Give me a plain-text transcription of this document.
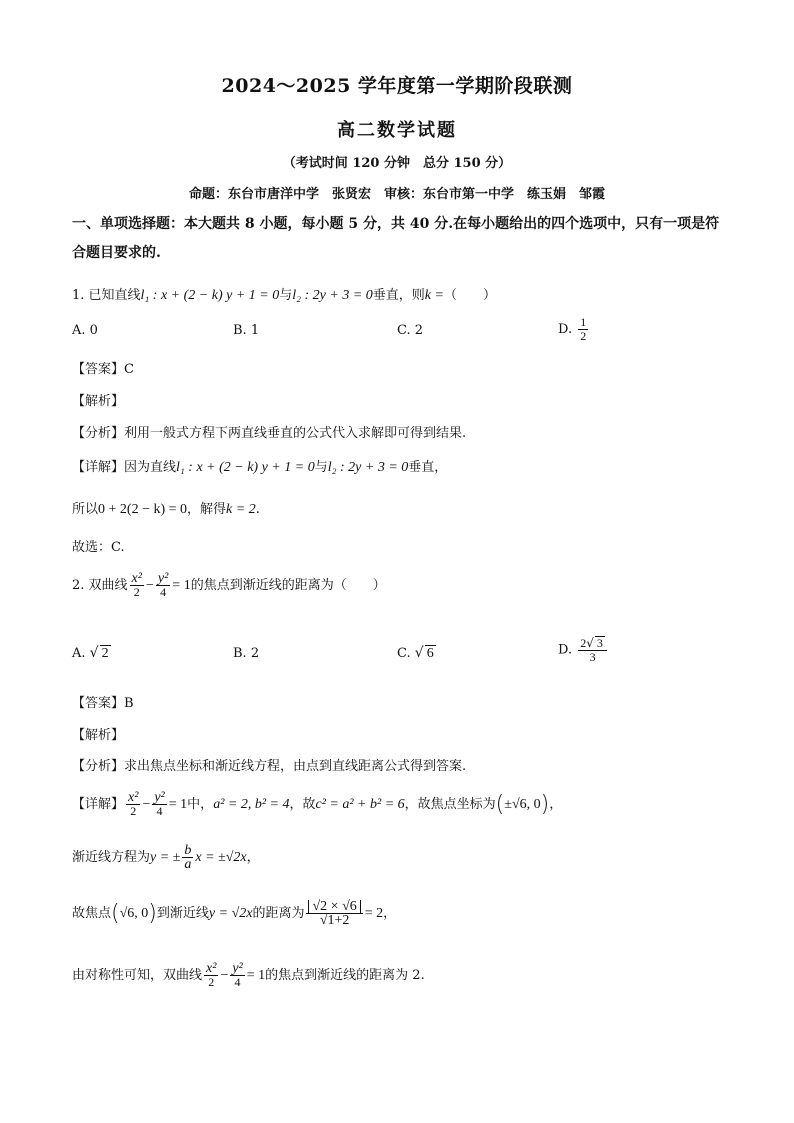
2024～2025 学年度第一学期阶段联测
高二数学试题
（考试时间 120 分钟　总分 150 分）
命题：东台市唐洋中学　张贤宏　审核：东台市第一中学　练玉娟　邹霞
一、单项选择题：本大题共 8 小题，每小题 5 分，共 40 分.在每小题给出的四个选项中，只有一项是符合题目要求的.
1. 已知直线l₁ : x + (2 − k) y + 1 = 0与l₂ : 2y + 3 = 0垂直，则k =（　　）
A. 0	B. 1	C. 2	D. $\frac{1}{2}$
【答案】C
【解析】
【分析】利用一般式方程下两直线垂直的公式代入求解即可得到结果.
【详解】因为直线l₁ : x + (2 − k) y + 1 = 0与l₂ : 2y + 3 = 0垂直，
所以0 + 2(2 − k) = 0，解得k = 2.
故选：C.
2. 双曲线 $\frac{\text{x²}}{2} - \frac{\text{y²}}{4} = 1$的焦点到渐近线的距离为（　　）
A. √ 2	B. 2	C. √ 6	D. $\frac{2√ 3}{3}$
【答案】B
【解析】
【分析】求出焦点坐标和渐近线方程，由点到直线距离公式得到答案.
【详解】 $\frac{\text{x²}}{2} - \frac{\text{y²}}{4} = 1$中，a² = 2, b² = 4，故c² = a² + b² = 6，故焦点坐标为(±√6, 0)，
渐近线方程为y = ± $\frac{b}{a}$ x = ±√2x，
故焦点(√6, 0)到渐近线y = √2x的距离为 $\frac{√2 \times √6}{√1+2} = 2$，
由对称性可知，双曲线 $\frac{\text{x²}}{2} - \frac{\text{y²}}{4} = 1$的焦点到渐近线的距离为 2.
